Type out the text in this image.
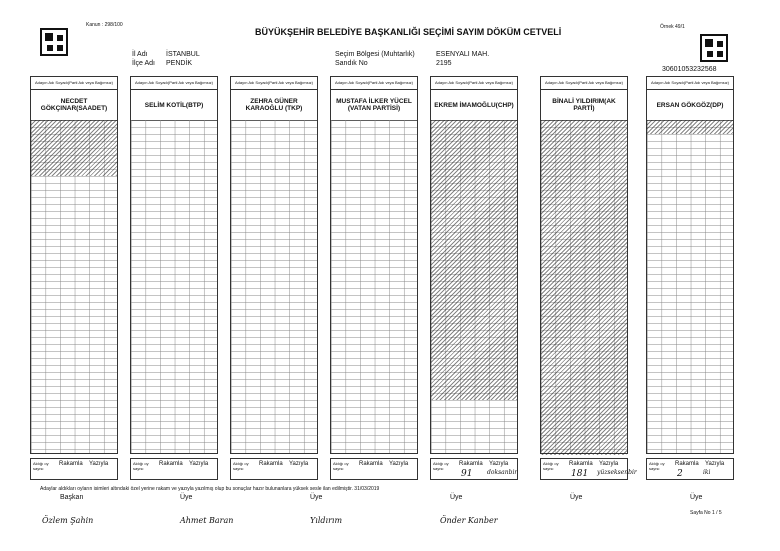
Kanun : 298/100
BÜYÜKŞEHİR BELEDİYE BAŞKANLIĞI SEÇİMİ SAYIM DÖKÜM CETVELİ	Örnek 49/1
İl Adı	İSTANBUL
İlçe Adı PENDİK
Seçim Bölgesi (Muhtarlık)	ESENYALI MAH.
Sandık No	2195
30601053232568
Adayın Adı Soyadı(Parti Adı veya Bağımsız)
NECDET GÖKÇINAR(SAADET)
Aldığı oy sayısı
Rakamla Yazıyla
Adayın Adı Soyadı(Parti Adı veya Bağımsız)
SELİM KOTİL(BTP)
Aldığı oy sayısı
Rakamla Yazıyla
Adayın Adı Soyadı(Parti Adı veya Bağımsız)
ZEHRA GÜNER KARAOĞLU (TKP)
Aldığı oy sayısı
Rakamla Yazıyla
Adayın Adı Soyadı(Parti Adı veya Bağımsız)
MUSTAFA İLKER YÜCEL (VATAN PARTİSİ)
Aldığı oy sayısı
Rakamla Yazıyla
Adayın Adı Soyadı(Parti Adı veya Bağımsız)
EKREM İMAMOĞLU(CHP)
Aldığı oy sayısı
Rakamla Yazıyla
91 doksanbir
Adayın Adı Soyadı(Parti Adı veya Bağımsız)
BİNALİ YILDIRIM(AK PARTİ)
Aldığı oy sayısı
Rakamla Yazıyla
181 yüzseksenbir
Adayın Adı Soyadı(Parti Adı veya Bağımsız)
ERSAN GÖKGÖZ(DP)
Aldığı oy sayısı
Rakamla Yazıyla
2	iki
Adaylar aldıkları oyların isimleri altındaki özel yerine rakam ve yazıyla yazılmış olup bu sonuçlar hazır bulunanlara yüksek sesle ilan edilmiştir. 31/03/2019
Başkan	Üye	Üye	Üye	Üye	Üye
Özlem Şahin	Ahmet Baran	Yıldırım	Önder Kanber
Sayfa No 1 / 5
